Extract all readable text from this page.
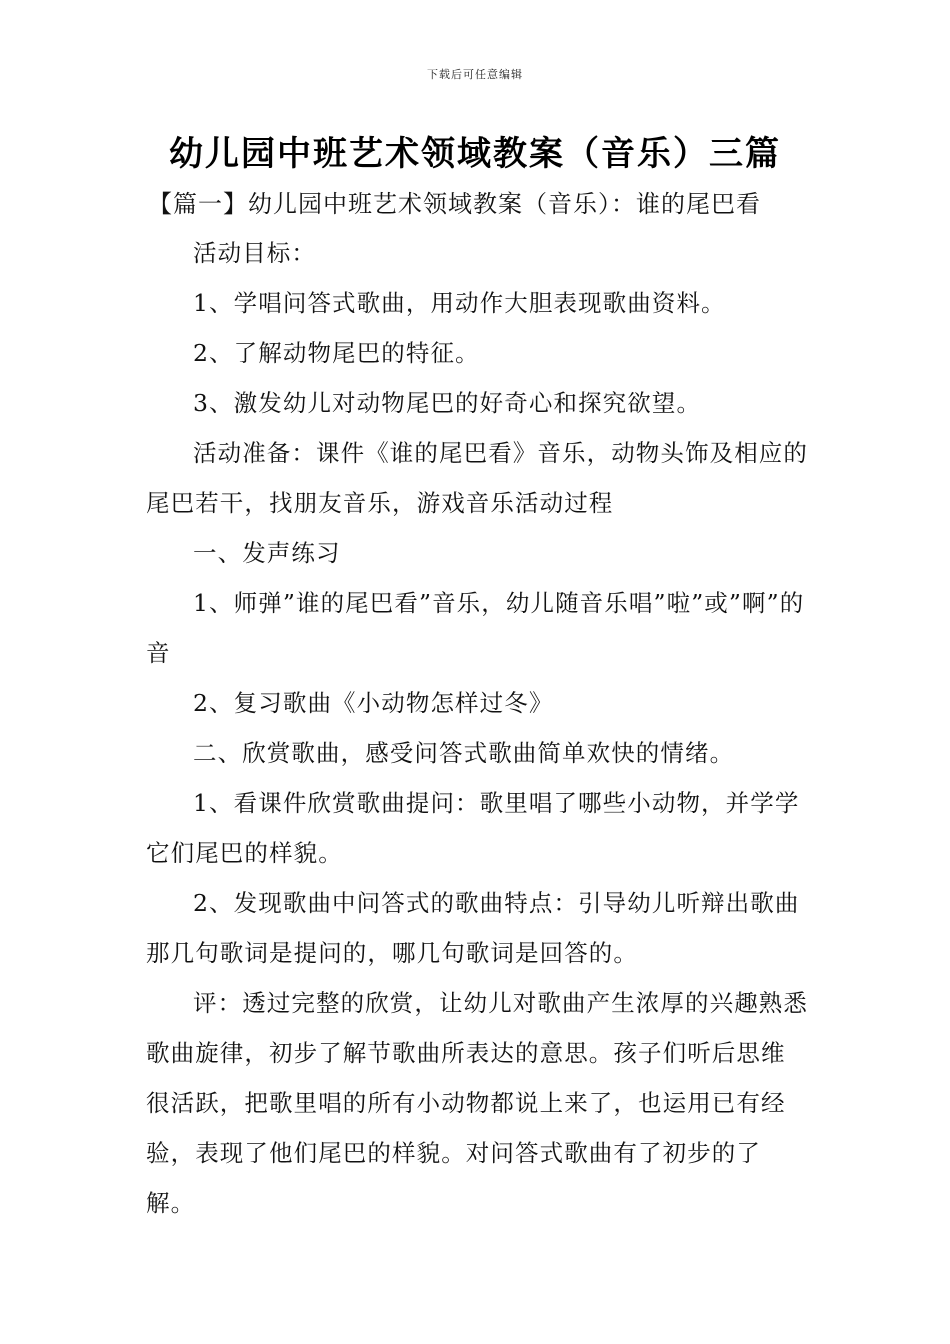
下载后可任意编辑
幼儿园中班艺术领域教案（音乐）三篇
【篇一】幼儿园中班艺术领域教案（音乐）：谁的尾巴看

活动目标：

1、学唱问答式歌曲，用动作大胆表现歌曲资料。

2、了解动物尾巴的特征。

3、激发幼儿对动物尾巴的好奇心和探究欲望。

活动准备：课件《谁的尾巴看》音乐，动物头饰及相应的尾巴若干，找朋友音乐，游戏音乐活动过程

一、发声练习

1、师弹”谁的尾巴看”音乐，幼儿随音乐唱”啦”或”啊”的音

2、复习歌曲《小动物怎样过冬》

二、欣赏歌曲，感受问答式歌曲简单欢快的情绪。

1、看课件欣赏歌曲提问：歌里唱了哪些小动物，并学学它们尾巴的样貌。

2、发现歌曲中问答式的歌曲特点：引导幼儿听辩出歌曲那几句歌词是提问的，哪几句歌词是回答的。

评：透过完整的欣赏，让幼儿对歌曲产生浓厚的兴趣熟悉歌曲旋律，初步了解节歌曲所表达的意思。孩子们听后思维很活跃，把歌里唱的所有小动物都说上来了，也运用已有经验，表现了他们尾巴的样貌。对问答式歌曲有了初步的了解。
